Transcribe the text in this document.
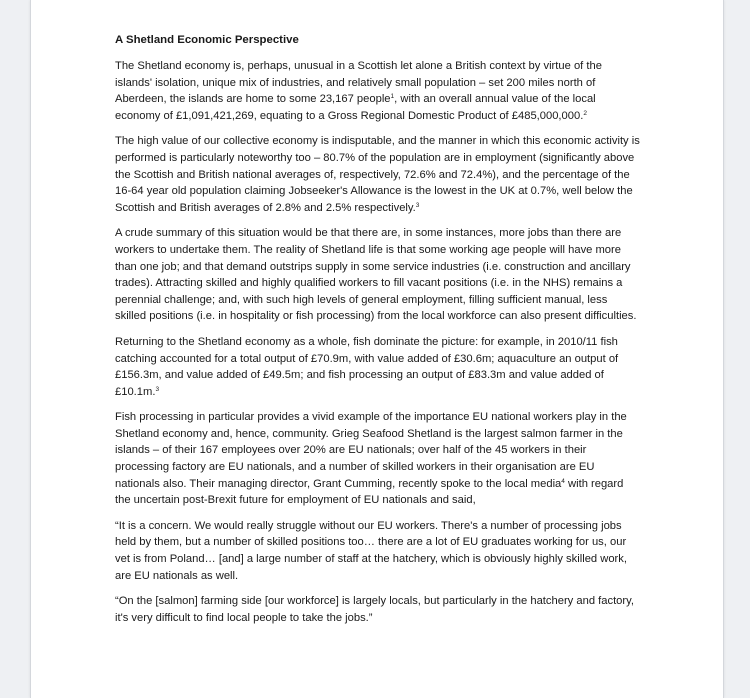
A Shetland Economic Perspective

The Shetland economy is, perhaps, unusual in a Scottish let alone a British context by virtue of the islands' isolation, unique mix of industries, and relatively small population – set 200 miles north of Aberdeen, the islands are home to some 23,167 people$^1$, with an overall annual value of the local economy of £1,091,421,269, equating to a Gross Regional Domestic Product of £485,000,000.$^2$

The high value of our collective economy is indisputable, and the manner in which this economic activity is performed is particularly noteworthy too – 80.7% of the population are in employment (significantly above the Scottish and British national averages of, respectively, 72.6% and 72.4%), and the percentage of the 16-64 year old population claiming Jobseeker's Allowance is the lowest in the UK at 0.7%, well below the Scottish and British averages of 2.8% and 2.5% respectively.$^3$

A crude summary of this situation would be that there are, in some instances, more jobs than there are workers to undertake them. The reality of Shetland life is that some working age people will have more than one job; and that demand outstrips supply in some service industries (i.e. construction and ancillary trades). Attracting skilled and highly qualified workers to fill vacant positions (i.e. in the NHS) remains a perennial challenge; and, with such high levels of general employment, filling sufficient manual, less skilled positions (i.e. in hospitality or fish processing) from the local workforce can also present difficulties.

Returning to the Shetland economy as a whole, fish dominate the picture: for example, in 2010/11 fish catching accounted for a total output of £70.9m, with value added of £30.6m; aquaculture an output of £156.3m, and value added of £49.5m; and fish processing an output of £83.3m and value added of £10.1m.$^3$

Fish processing in particular provides a vivid example of the importance EU national workers play in the Shetland economy and, hence, community. Grieg Seafood Shetland is the largest salmon farmer in the islands – of their 167 employees over 20% are EU nationals; over half of the 45 workers in their processing factory are EU nationals, and a number of skilled workers in their organisation are EU nationals also. Their managing director, Grant Cumming, recently spoke to the local media$^4$ with regard the uncertain post-Brexit future for employment of EU nationals and said,

“It is a concern. We would really struggle without our EU workers. There's a number of processing jobs held by them, but a number of skilled positions too… there are a lot of EU graduates working for us, our vet is from Poland… [and] a large number of staff at the hatchery, which is obviously highly skilled work, are EU nationals as well.

“On the [salmon] farming side [our workforce] is largely locals, but particularly in the hatchery and factory, it's very difficult to find local people to take the jobs.”
